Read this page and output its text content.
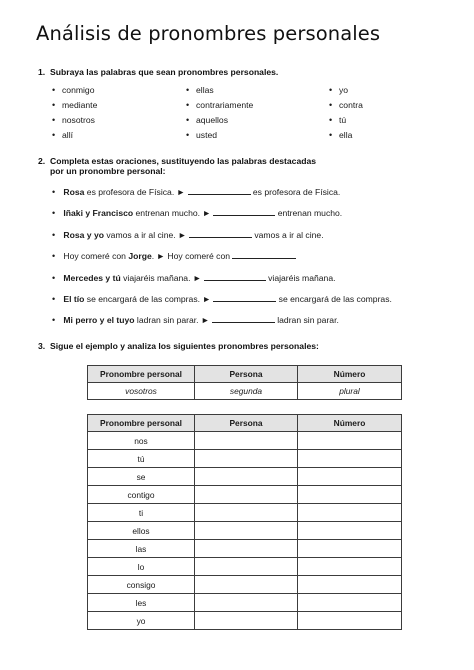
Análisis de pronombres personales
1. Subraya las palabras que sean pronombres personales.
• conmigo
• mediante
• nosotros
• allí
• ellas
• contrariamente
• aquellos
• usted
• yo
• contra
• tú
• ella
2. Completa estas oraciones, sustituyendo las palabras destacadas
por un pronombre personal:
• Rosa es profesora de Física. ►	es profesora de Física.
• Iñaki y Francisco entrenan mucho. ►	entrenan mucho.
• Rosa y yo vamos a ir al cine. ►	vamos a ir al cine.
• Hoy comeré con Jorge. ► Hoy comeré con
• Mercedes y tú viajaréis mañana. ►	viajaréis mañana.
• El tío se encargará de las compras. ►	se encargará de las compras.
• Mi perro y el tuyo ladran sin parar. ►	ladran sin parar.
3. Sigue el ejemplo y analiza los siguientes pronombres personales:
Pronombre personal	Persona	Número
vosotros	segunda	plural
Pronombre personal	Persona	Número
nos		
tú		
se		
contigo		
ti		
ellos		
las		
lo		
consigo		
les		
yo		
